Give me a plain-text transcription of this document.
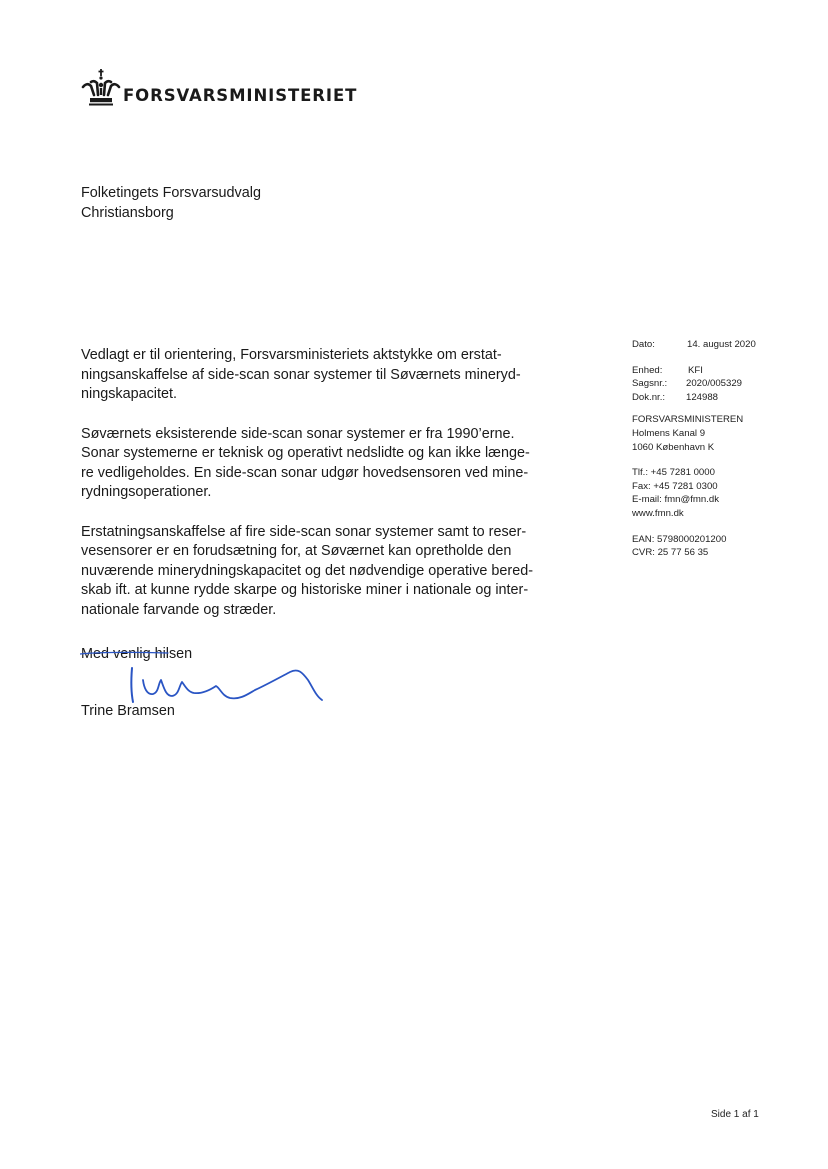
FORSVARSMINISTERIET
Folketingets Forsvarsudvalg
Christiansborg

Vedlagt er til orientering, Forsvarsministeriets aktstykke om erstat-
ningsanskaffelse af side-scan sonar systemer til Søværnets mineryd-
ningskapacitet.

Søværnets eksisterende side-scan sonar systemer er fra 1990’erne.
Sonar systemerne er teknisk og operativt nedslidte og kan ikke længe-
re vedligeholdes. En side-scan sonar udgør hovedsensoren ved mine-
rydningsoperationer.

Erstatningsanskaffelse af fire side-scan sonar systemer samt to reser-
vesensorer er en forudsætning for, at Søværnet kan opretholde den
nuværende minerydningskapacitet og det nødvendige operative bered-
skab ift. at kunne rydde skarpe og historiske miner i nationale og inter-
nationale farvande og stræder.

Dato:	14. august 2020
Enhed:	KFI
Sagsnr.: 2020/005329
Dok.nr.: 124988
FORSVARSMINISTEREN
Holmens Kanal 9
1060 København K
Tlf.: +45 7281 0000
Fax: +45 7281 0300
E-mail: fmn@fmn.dk
www.fmn.dk
EAN: 5798000201200
CVR: 25 77 56 35
Med venlig hilsen
Trine Bramsen
Side 1 af 1
